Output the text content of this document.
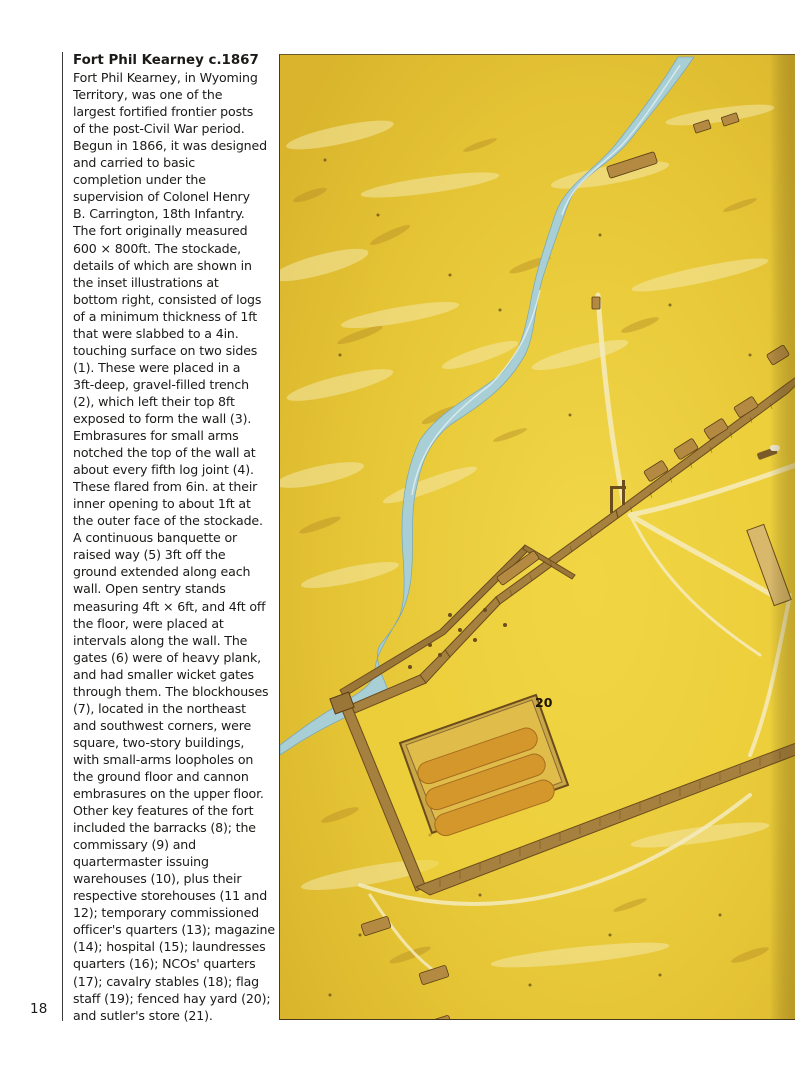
18
Fort Phil Kearney c.1867
Fort Phil Kearney, in Wyoming
Territory, was one of the
largest fortified frontier posts
of the post-Civil War period.
Begun in 1866, it was designed
and carried to basic
completion under the
supervision of Colonel Henry
B. Carrington, 18th Infantry.
The fort originally measured
600 × 800ft. The stockade,
details of which are shown in
the inset illustrations at
bottom right, consisted of logs
of a minimum thickness of 1ft
that were slabbed to a 4in.
touching surface on two sides
(1). These were placed in a
3ft-deep, gravel-filled trench
(2), which left their top 8ft
exposed to form the wall (3).
Embrasures for small arms
notched the top of the wall at
about every fifth log joint (4).
These flared from 6in. at their
inner opening to about 1ft at
the outer face of the stockade.
A continuous banquette or
raised way (5) 3ft off the
ground extended along each
wall. Open sentry stands
measuring 4ft × 6ft, and 4ft off
the floor, were placed at
intervals along the wall. The
gates (6) were of heavy plank,
and had smaller wicket gates
through them. The blockhouses
(7), located in the northeast
and southwest corners, were
square, two-story buildings,
with small-arms loopholes on
the ground floor and cannon
embrasures on the upper floor.
Other key features of the fort
included the barracks (8); the
commissary (9) and
quartermaster issuing
warehouses (10), plus their
respective storehouses (11 and
12); temporary commissioned
officer's quarters (13); magazine
(14); hospital (15); laundresses
quarters (16); NCOs' quarters
(17); cavalry stables (18); flag
staff (19); fenced hay yard (20);
and sutler's store (21).
20
